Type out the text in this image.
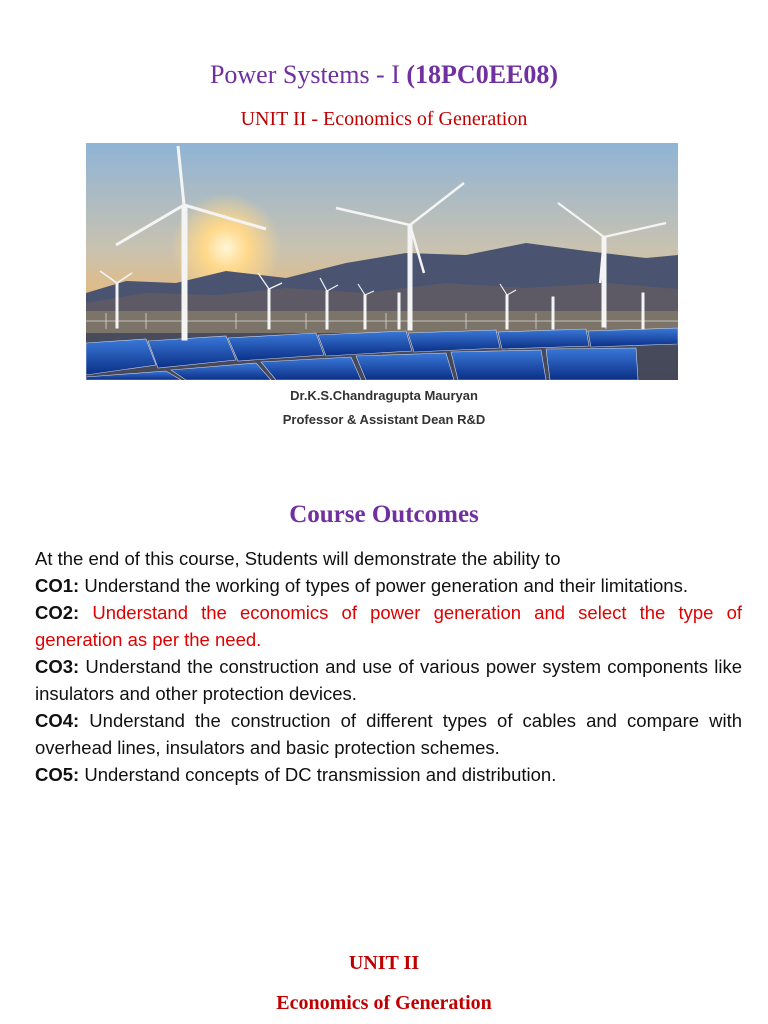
Power Systems - I (18PC0EE08)
UNIT II - Economics of Generation
Dr.K.S.Chandragupta Mauryan
Professor & Assistant Dean R&D
Course Outcomes

At the end of this course, Students will demonstrate the ability to

CO1: Understand the working of types of power generation and their limitations.

CO2: Understand the economics of power generation and select the type of generation as per the need.

CO3: Understand the construction and use of various power system components like insulators and other protection devices.

CO4: Understand the construction of different types of cables and compare with overhead lines, insulators and basic protection schemes.

CO5: Understand concepts of DC transmission and distribution.

UNIT II
Economics of Generation
